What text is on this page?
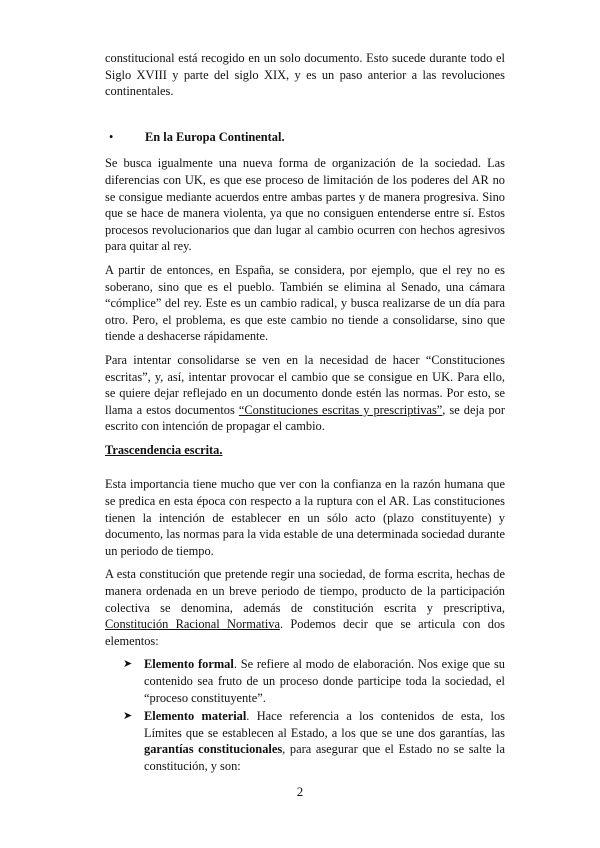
constitucional está recogido en un solo documento. Esto sucede durante todo el Siglo XVIII y parte del siglo XIX, y es un paso anterior a las revoluciones continentales.

•	En la Europa Continental.

Se busca igualmente una nueva forma de organización de la sociedad. Las diferencias con UK, es que ese proceso de limitación de los poderes del AR no se consigue mediante acuerdos entre ambas partes y de manera progresiva. Sino que se hace de manera violenta, ya que no consiguen entenderse entre sí. Estos procesos revolucionarios que dan lugar al cambio ocurren con hechos agresivos para quitar al rey.

A partir de entonces, en España, se considera, por ejemplo, que el rey no es soberano, sino que es el pueblo. También se elimina al Senado, una cámara “cómplice” del rey. Este es un cambio radical, y busca realizarse de un día para otro. Pero, el problema, es que este cambio no tiende a consolidarse, sino que tiende a deshacerse rápidamente.

Para intentar consolidarse se ven en la necesidad de hacer “Constituciones escritas”, y, así, intentar provocar el cambio que se consigue en UK. Para ello, se quiere dejar reflejado en un documento donde estén las normas. Por esto, se llama a estos documentos “Constituciones escritas y prescriptivas”, se deja por escrito con intención de propagar el cambio.

Trascendencia escrita.

Esta importancia tiene mucho que ver con la confianza en la razón humana que se predica en esta época con respecto a la ruptura con el AR. Las constituciones tienen la intención de establecer en un sólo acto (plazo constituyente) y documento, las normas para la vida estable de una determinada sociedad durante un periodo de tiempo.

A esta constitución que pretende regir una sociedad, de forma escrita, hechas de manera ordenada en un breve periodo de tiempo, producto de la participación colectiva se denomina, además de constitución escrita y prescriptiva, Constitución Racional Normativa. Podemos decir que se articula con dos elementos:

➤ Elemento formal. Se refiere al modo de elaboración. Nos exige que su contenido sea fruto de un proceso donde participe toda la sociedad, el “proceso constituyente”.
➤ Elemento material. Hace referencia a los contenidos de esta, los Límites que se establecen al Estado, a los que se une dos garantías, las garantías constitucionales, para asegurar que el Estado no se salte la constitución, y son:
2
